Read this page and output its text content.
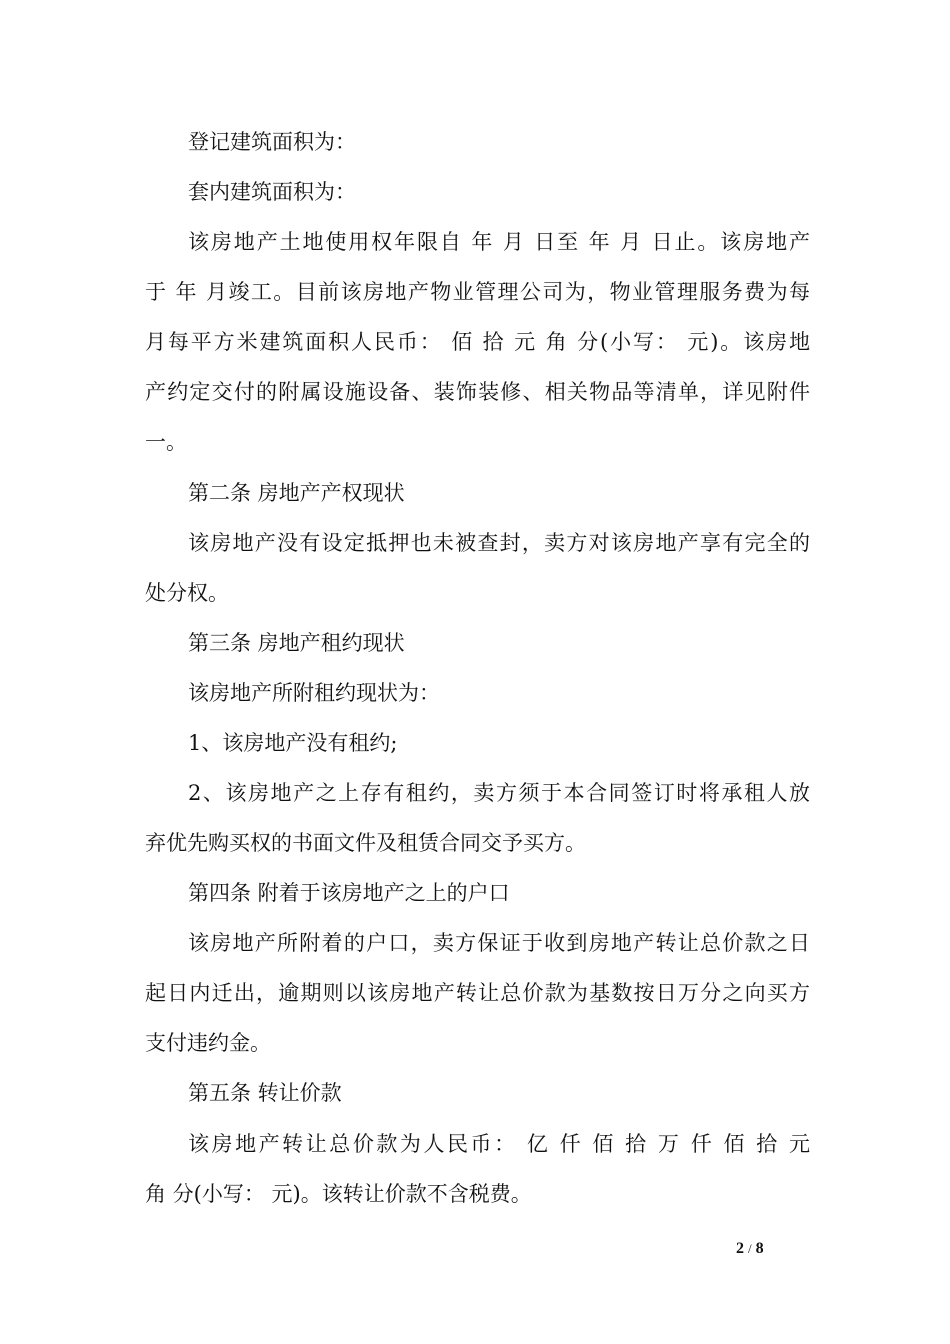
登记建筑面积为：
套内建筑面积为：
该房地产土地使用权年限自 年 月 日至 年 月 日止。该房地产
于 年 月竣工。目前该房地产物业管理公司为，物业管理服务费为每
月每平方米建筑面积人民币： 佰 拾 元 角 分(小写： 元)。该房地
产约定交付的附属设施设备、装饰装修、相关物品等清单，详见附件
一。
第二条 房地产产权现状
该房地产没有设定抵押也未被查封，卖方对该房地产享有完全的
处分权。
第三条 房地产租约现状
该房地产所附租约现状为：
1、该房地产没有租约;
2、该房地产之上存有租约，卖方须于本合同签订时将承租人放
弃优先购买权的书面文件及租赁合同交予买方。
第四条 附着于该房地产之上的户口
该房地产所附着的户口，卖方保证于收到房地产转让总价款之日
起日内迁出，逾期则以该房地产转让总价款为基数按日万分之向买方
支付违约金。
第五条 转让价款
该房地产转让总价款为人民币： 亿 仟 佰 拾 万 仟 佰 拾 元
角 分(小写： 元)。该转让价款不含税费。
2 / 8
